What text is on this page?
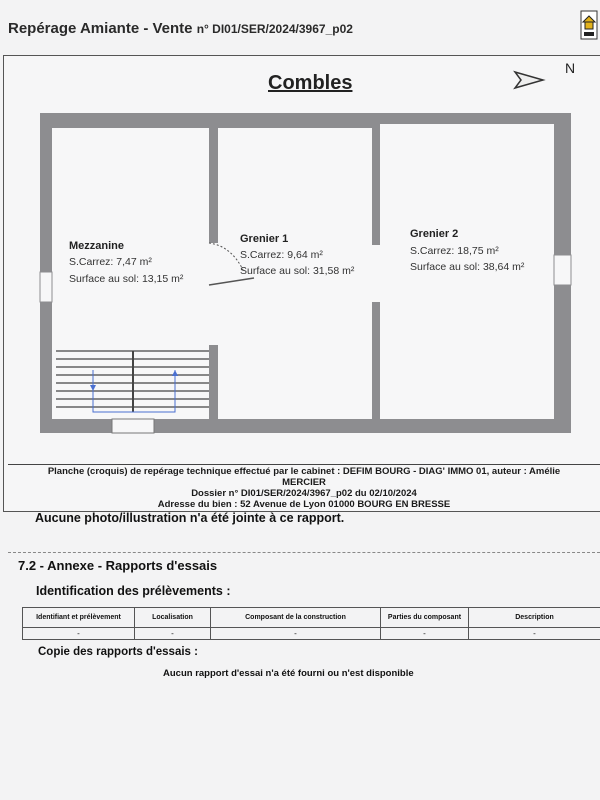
Repérage Amiante - Vente n° DI01/SER/2024/3967_p02
Combles
N
Mezzanine
S.Carrez: 7,47 m²
Surface au sol: 13,15 m²
Grenier 1
S.Carrez: 9,64 m²
Surface au sol: 31,58 m²
Grenier 2
S.Carrez: 18,75 m²
Surface au sol: 38,64 m²
Planche (croquis) de repérage technique effectué par le cabinet : DEFIM BOURG - DIAG' IMMO 01, auteur : Amélie
MERCIER
Dossier n° DI01/SER/2024/3967_p02 du 02/10/2024
Adresse du bien : 52 Avenue de Lyon 01000 BOURG EN BRESSE
Aucune photo/illustration n'a été jointe à ce rapport.
7.2 - Annexe - Rapports d'essais
Identification des prélèvements :
Identifiant et prélèvement	Localisation	Composant de la construction	Parties du composant	Description
-	-	-	-	-
Copie des rapports d'essais :
Aucun rapport d'essai n'a été fourni ou n'est disponible
